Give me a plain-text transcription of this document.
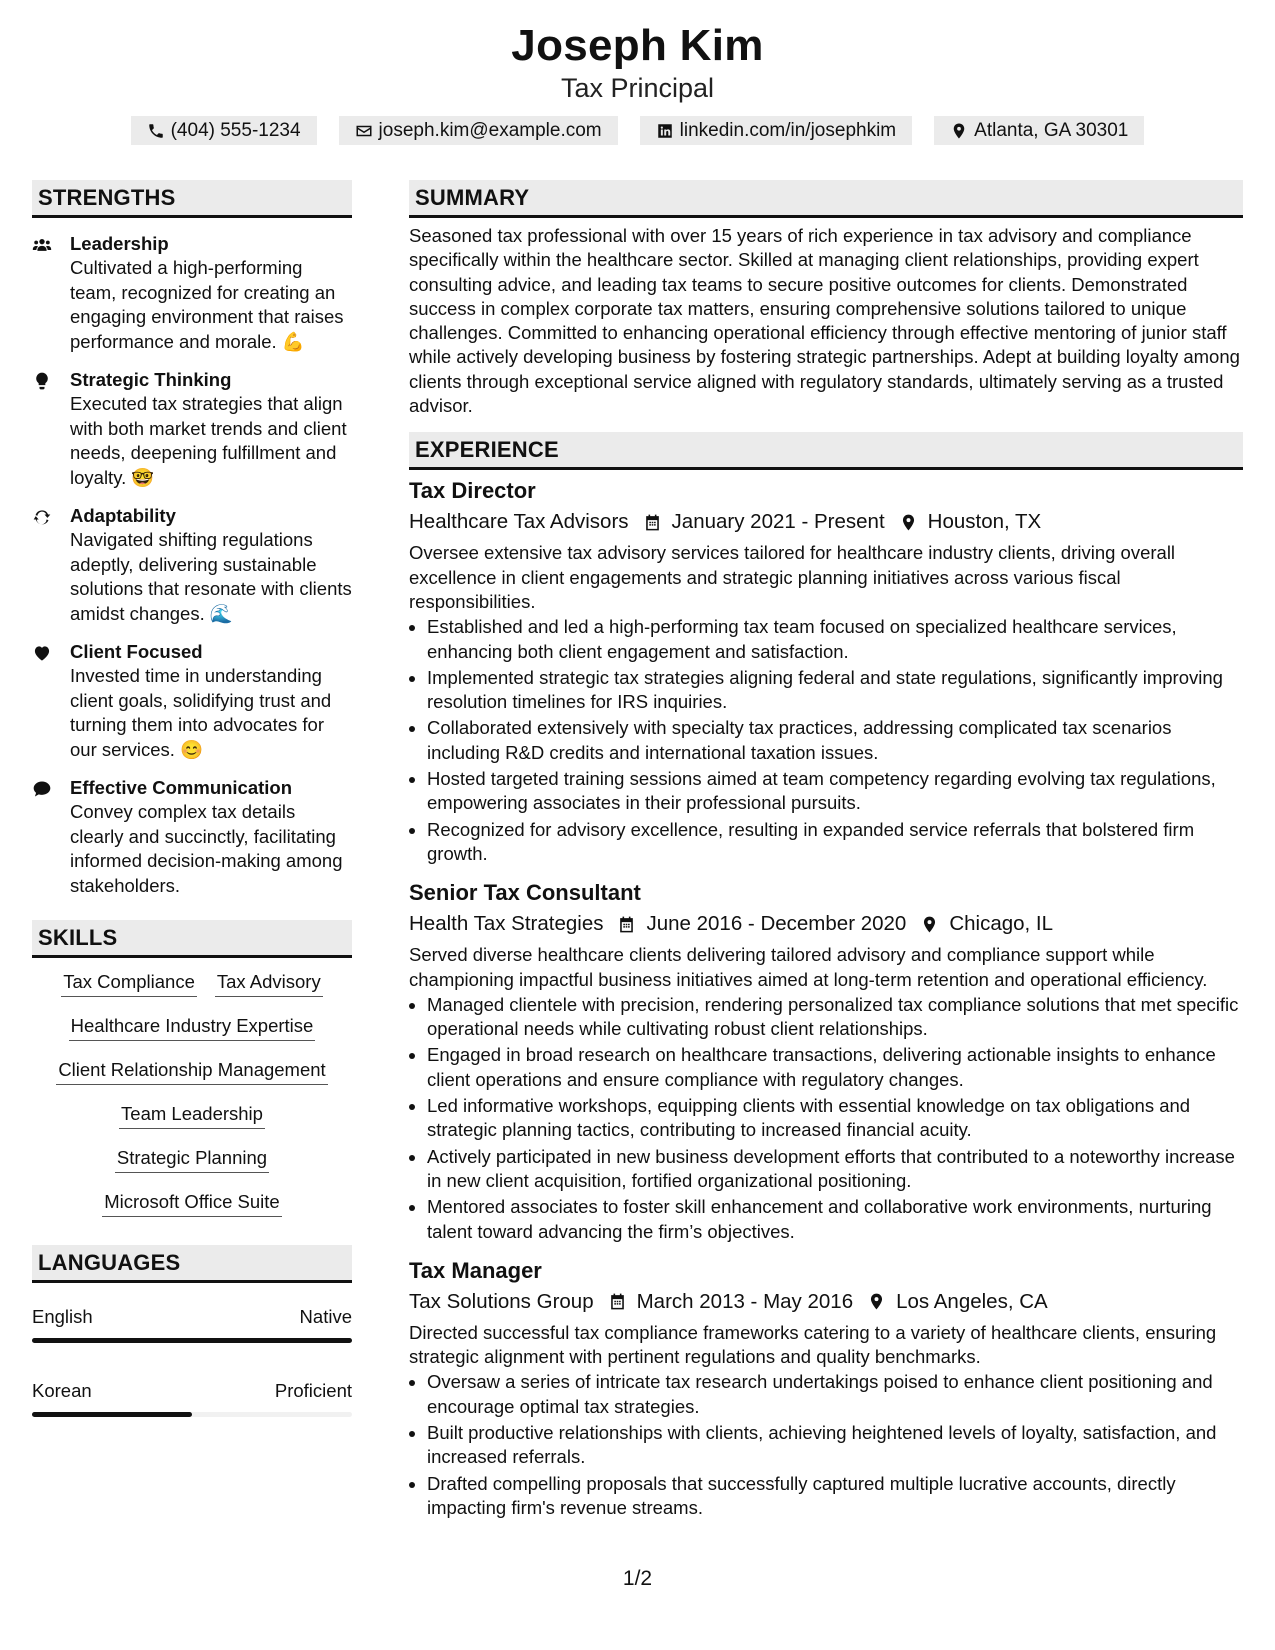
Joseph Kim
Tax Principal
(404) 555-1234	joseph.kim@example.com	linkedin.com/in/josephkim	Atlanta, GA 30301
STRENGTHS
Leadership
Cultivated a high-performing team, recognized for creating an engaging environment that raises performance and morale. 💪
Strategic Thinking
Executed tax strategies that align with both market trends and client needs, deepening fulfillment and loyalty. 🤓
Adaptability
Navigated shifting regulations adeptly, delivering sustainable solutions that resonate with clients amidst changes. 🌊
Client Focused
Invested time in understanding client goals, solidifying trust and turning them into advocates for our services. 😊
Effective Communication
Convey complex tax details clearly and succinctly, facilitating informed decision-making among stakeholders.
SKILLS
Tax Compliance Tax Advisory
Healthcare Industry Expertise
Client Relationship Management
Team Leadership
Strategic Planning
Microsoft Office Suite
LANGUAGES
English	Native
Korean	Proficient
SUMMARY
Seasoned tax professional with over 15 years of rich experience in tax advisory and compliance specifically within the healthcare sector. Skilled at managing client relationships, providing expert consulting advice, and leading tax teams to secure positive outcomes for clients. Demonstrated success in complex corporate tax matters, ensuring comprehensive solutions tailored to unique challenges. Committed to enhancing operational efficiency through effective mentoring of junior staff while actively developing business by fostering strategic partnerships. Adept at building loyalty among clients through exceptional service aligned with regulatory standards, ultimately serving as a trusted advisor.
EXPERIENCE
Tax Director
Healthcare Tax Advisors January 2021 - Present Houston, TX
Oversee extensive tax advisory services tailored for healthcare industry clients, driving overall excellence in client engagements and strategic planning initiatives across various fiscal responsibilities.
• Established and led a high-performing tax team focused on specialized healthcare services, enhancing both client engagement and satisfaction.
• Implemented strategic tax strategies aligning federal and state regulations, significantly improving resolution timelines for IRS inquiries.
• Collaborated extensively with specialty tax practices, addressing complicated tax scenarios including R&D credits and international taxation issues.
• Hosted targeted training sessions aimed at team competency regarding evolving tax regulations, empowering associates in their professional pursuits.
• Recognized for advisory excellence, resulting in expanded service referrals that bolstered firm growth.
Senior Tax Consultant
Health Tax Strategies June 2016 - December 2020 Chicago, IL
Served diverse healthcare clients delivering tailored advisory and compliance support while championing impactful business initiatives aimed at long-term retention and operational efficiency.
• Managed clientele with precision, rendering personalized tax compliance solutions that met specific operational needs while cultivating robust client relationships.
• Engaged in broad research on healthcare transactions, delivering actionable insights to enhance client operations and ensure compliance with regulatory changes.
• Led informative workshops, equipping clients with essential knowledge on tax obligations and strategic planning tactics, contributing to increased financial acuity.
• Actively participated in new business development efforts that contributed to a noteworthy increase in new client acquisition, fortified organizational positioning.
• Mentored associates to foster skill enhancement and collaborative work environments, nurturing talent toward advancing the firm’s objectives.
Tax Manager
Tax Solutions Group March 2013 - May 2016 Los Angeles, CA
Directed successful tax compliance frameworks catering to a variety of healthcare clients, ensuring strategic alignment with pertinent regulations and quality benchmarks.
• Oversaw a series of intricate tax research undertakings poised to enhance client positioning and encourage optimal tax strategies.
• Built productive relationships with clients, achieving heightened levels of loyalty, satisfaction, and increased referrals.
• Drafted compelling proposals that successfully captured multiple lucrative accounts, directly impacting firm's revenue streams.
1/2
